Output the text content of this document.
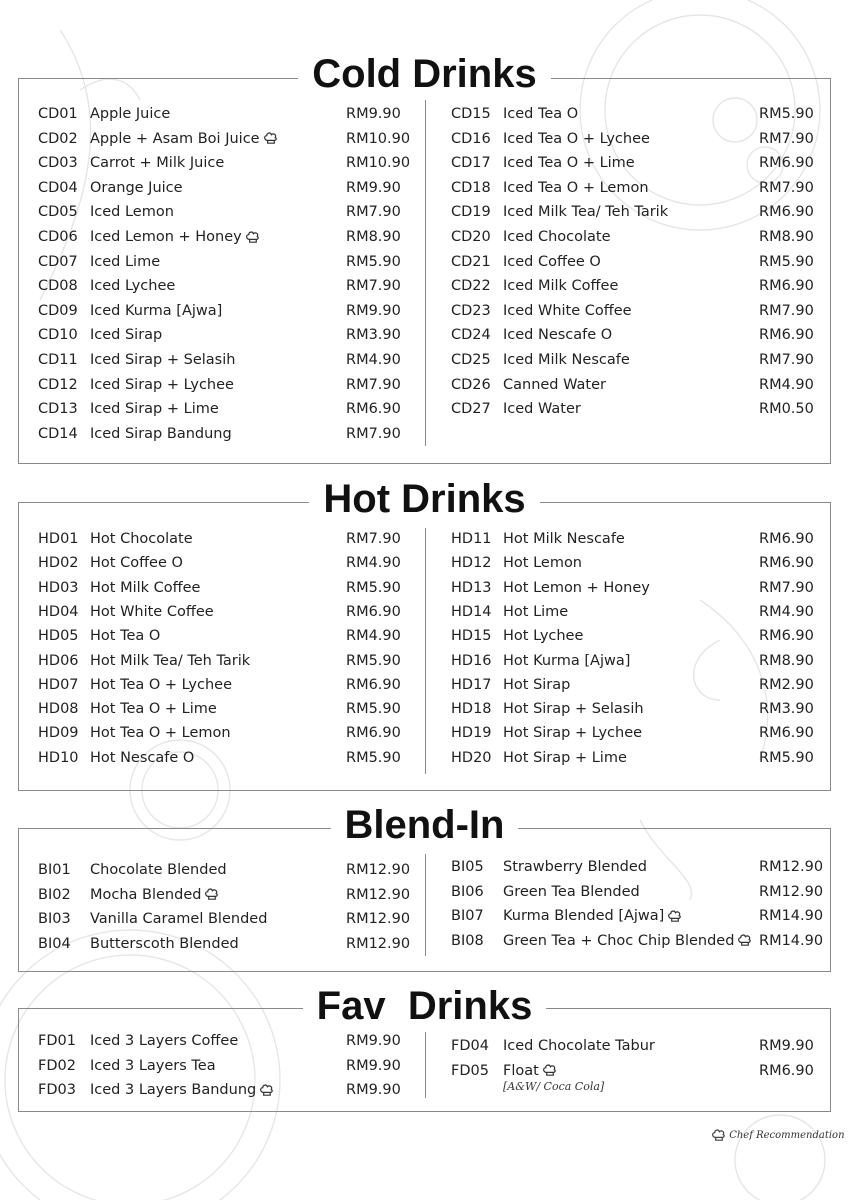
Cold Drinks
CD01 Apple Juice	RM9.90
CD02 Apple + Asam Boi Juice	RM10.90
CD03 Carrot + Milk Juice	RM10.90
CD04 Orange Juice	RM9.90
CD05 Iced Lemon	RM7.90
CD06 Iced Lemon + Honey	RM8.90
CD07 Iced Lime	RM5.90
CD08 Iced Lychee	RM7.90
CD09 Iced Kurma [Ajwa]	RM9.90
CD10 Iced Sirap	RM3.90
CD11 Iced Sirap + Selasih	RM4.90
CD12 Iced Sirap + Lychee	RM7.90
CD13 Iced Sirap + Lime	RM6.90
CD14 Iced Sirap Bandung	RM7.90
CD15 Iced Tea O	RM5.90
CD16 Iced Tea O + Lychee	RM7.90
CD17 Iced Tea O + Lime	RM6.90
CD18 Iced Tea O + Lemon	RM7.90
CD19 Iced Milk Tea/ Teh Tarik	RM6.90
CD20 Iced Chocolate	RM8.90
CD21 Iced Coffee O	RM5.90
CD22 Iced Milk Coffee	RM6.90
CD23 Iced White Coffee	RM7.90
CD24 Iced Nescafe O	RM6.90
CD25 Iced Milk Nescafe	RM7.90
CD26 Canned Water	RM4.90
CD27 Iced Water	RM0.50
Hot Drinks
HD01 Hot Chocolate	RM7.90
HD02 Hot Coffee O	RM4.90
HD03 Hot Milk Coffee	RM5.90
HD04 Hot White Coffee	RM6.90
HD05 Hot Tea O	RM4.90
HD06 Hot Milk Tea/ Teh Tarik	RM5.90
HD07 Hot Tea O + Lychee	RM6.90
HD08 Hot Tea O + Lime	RM5.90
HD09 Hot Tea O + Lemon	RM6.90
HD10 Hot Nescafe O	RM5.90
HD11 Hot Milk Nescafe	RM6.90
HD12 Hot Lemon	RM6.90
HD13 Hot Lemon + Honey	RM7.90
HD14 Hot Lime	RM4.90
HD15 Hot Lychee	RM6.90
HD16 Hot Kurma [Ajwa]	RM8.90
HD17 Hot Sirap	RM2.90
HD18 Hot Sirap + Selasih	RM3.90
HD19 Hot Sirap + Lychee	RM6.90
HD20 Hot Sirap + Lime	RM5.90
Blend-In
BI01	Chocolate Blended	RM12.90
BI02	Mocha Blended	RM12.90
BI03	Vanilla Caramel Blended	RM12.90
BI04	Butterscoth Blended	RM12.90
BI05	Strawberry Blended	RM12.90
BI06	Green Tea Blended	RM12.90
BI07	Kurma Blended [Ajwa]	RM14.90
BI08	Green Tea + Choc Chip Blended	RM14.90
Fav  Drinks
FD01 Iced 3 Layers Coffee	RM9.90
FD02 Iced 3 Layers Tea	RM9.90
FD03 Iced 3 Layers Bandung	RM9.90
FD04 Iced Chocolate Tabur	RM9.90
FD05 Float	RM6.90
[A&W/ Coca Cola]
Chef Recommendation
